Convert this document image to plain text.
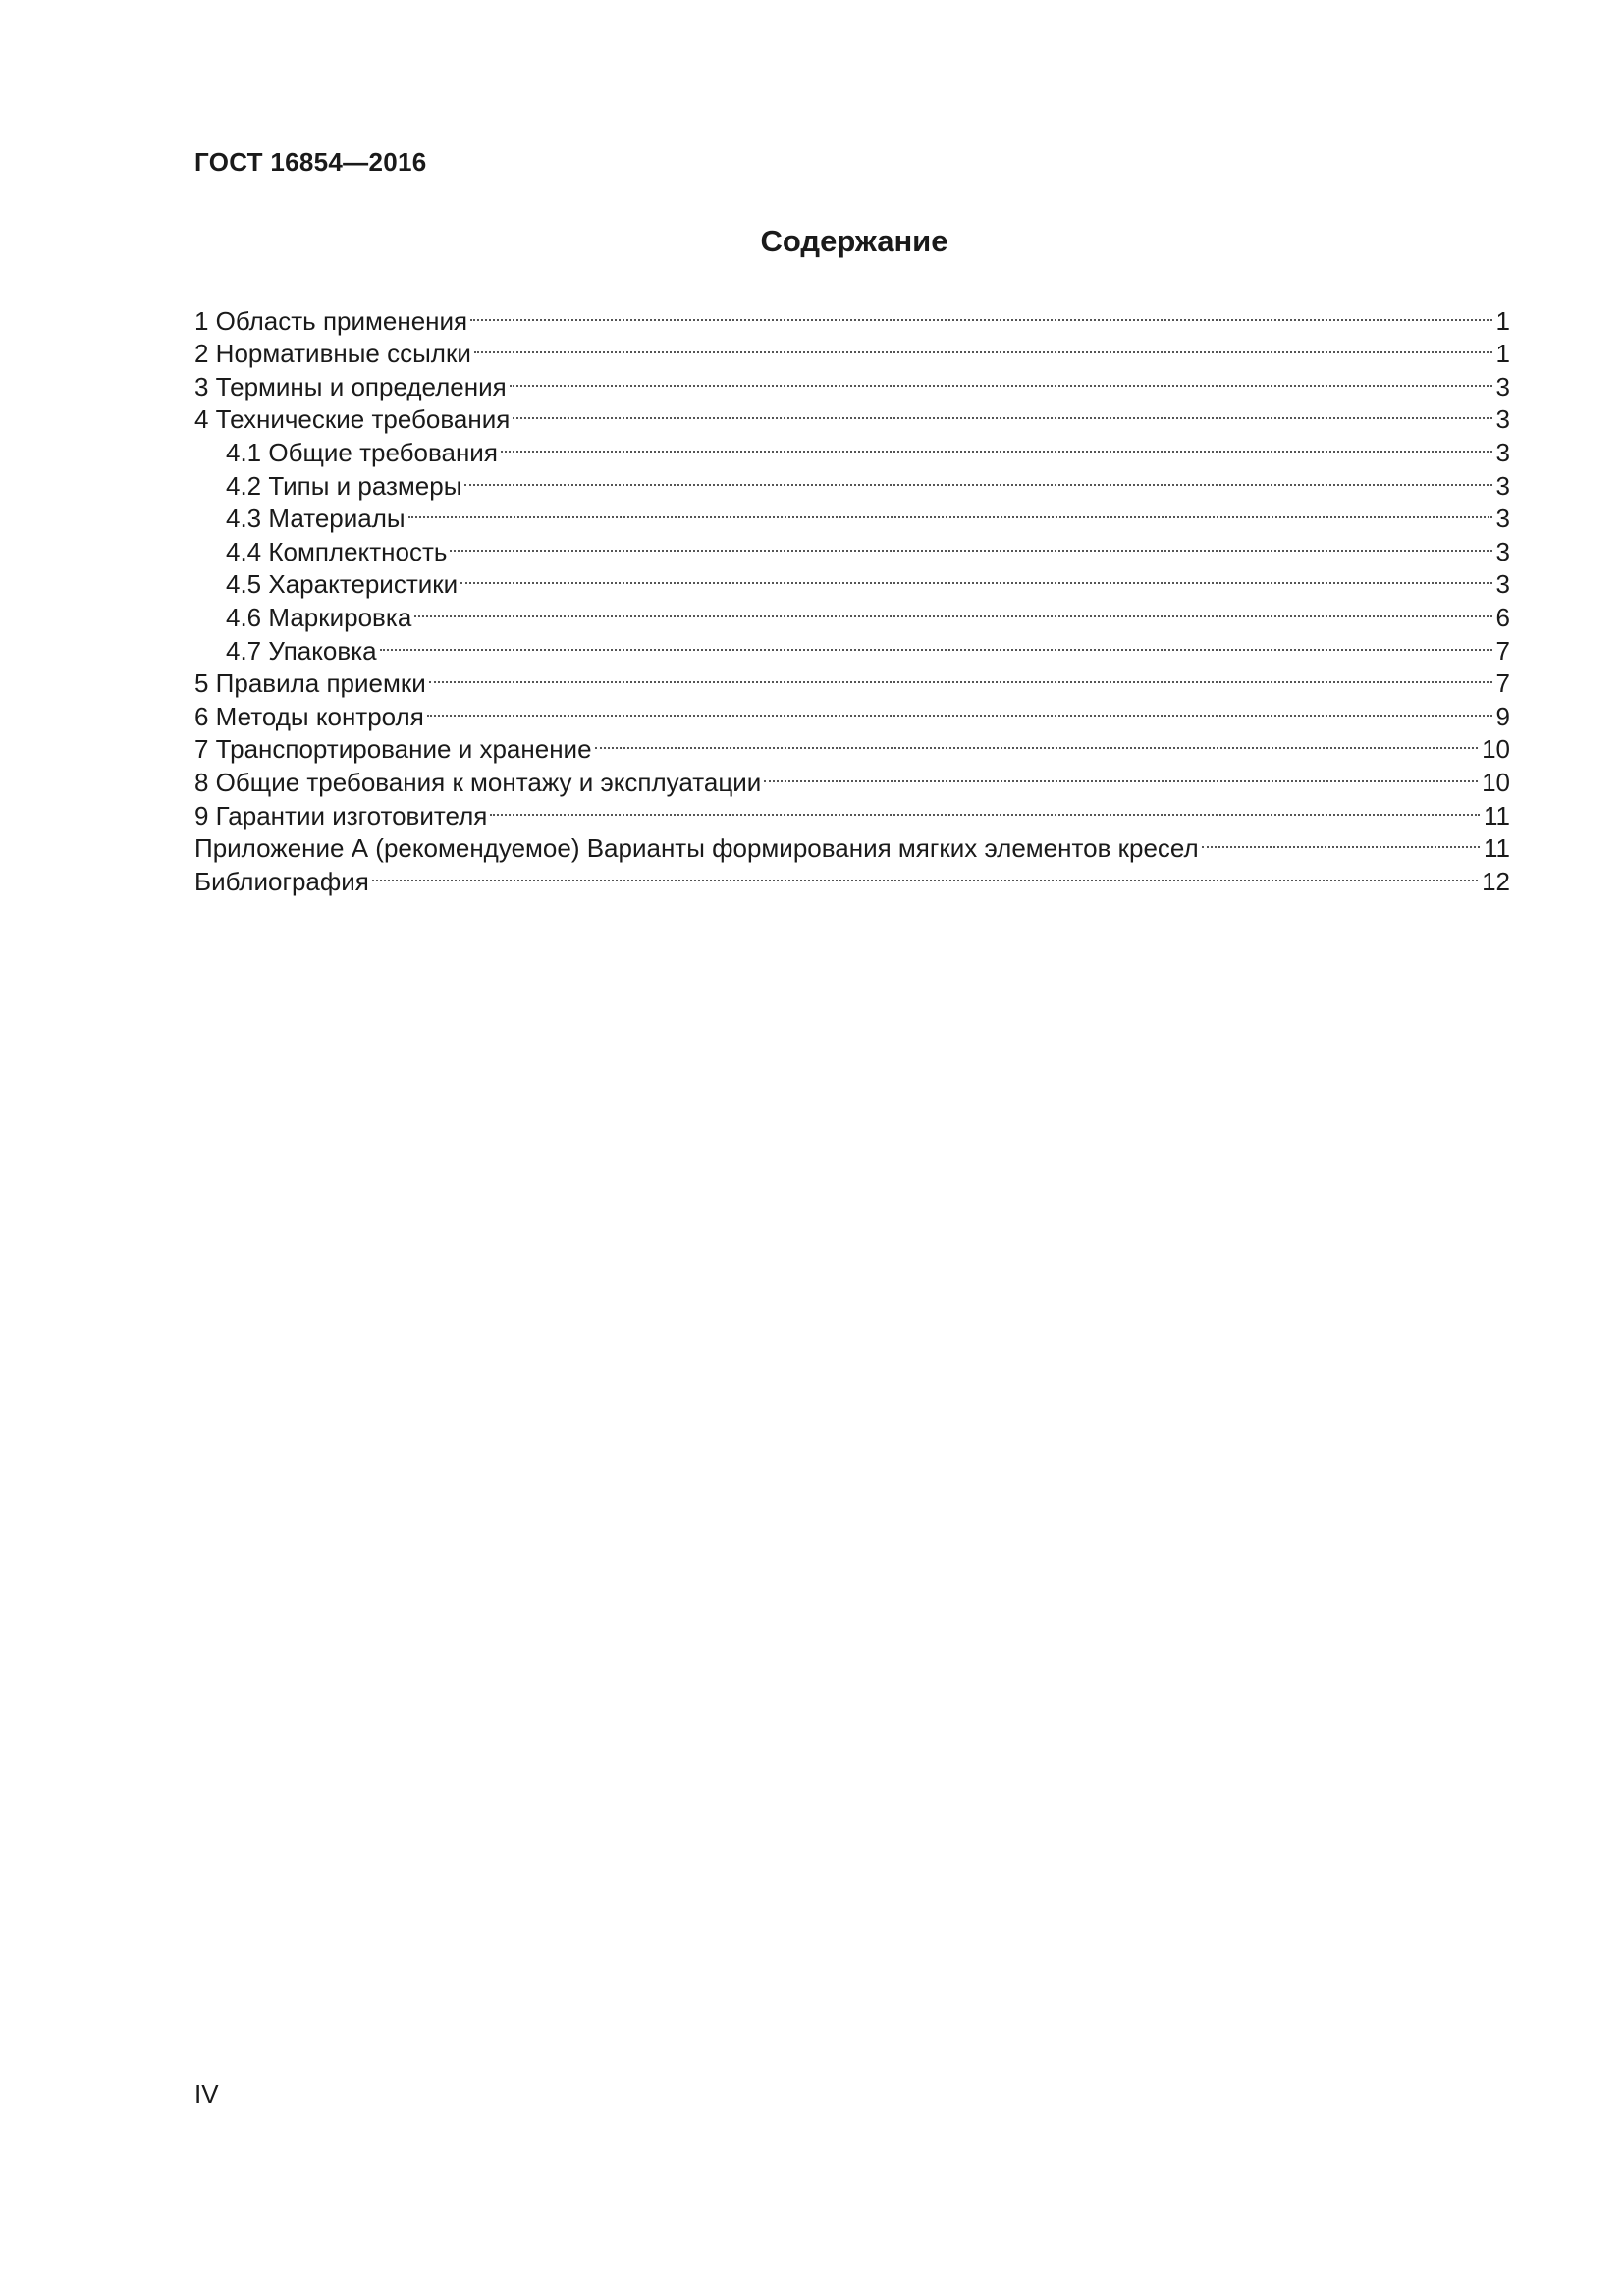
ГОСТ 16854—2016
Содержание
1 Область применения	1
2 Нормативные ссылки	1
3 Термины и определения	3
4 Технические требования	3
4.1 Общие требования	3
4.2 Типы и размеры	3
4.3 Материалы	3
4.4 Комплектность	3
4.5 Характеристики	3
4.6 Маркировка	6
4.7 Упаковка	7
5 Правила приемки	7
6 Методы контроля	9
7 Транспортирование и хранение	10
8 Общие требования к монтажу и эксплуатации	10
9 Гарантии изготовителя	11
Приложение А (рекомендуемое) Варианты формирования мягких элементов кресел	11
Библиография	12
IV
